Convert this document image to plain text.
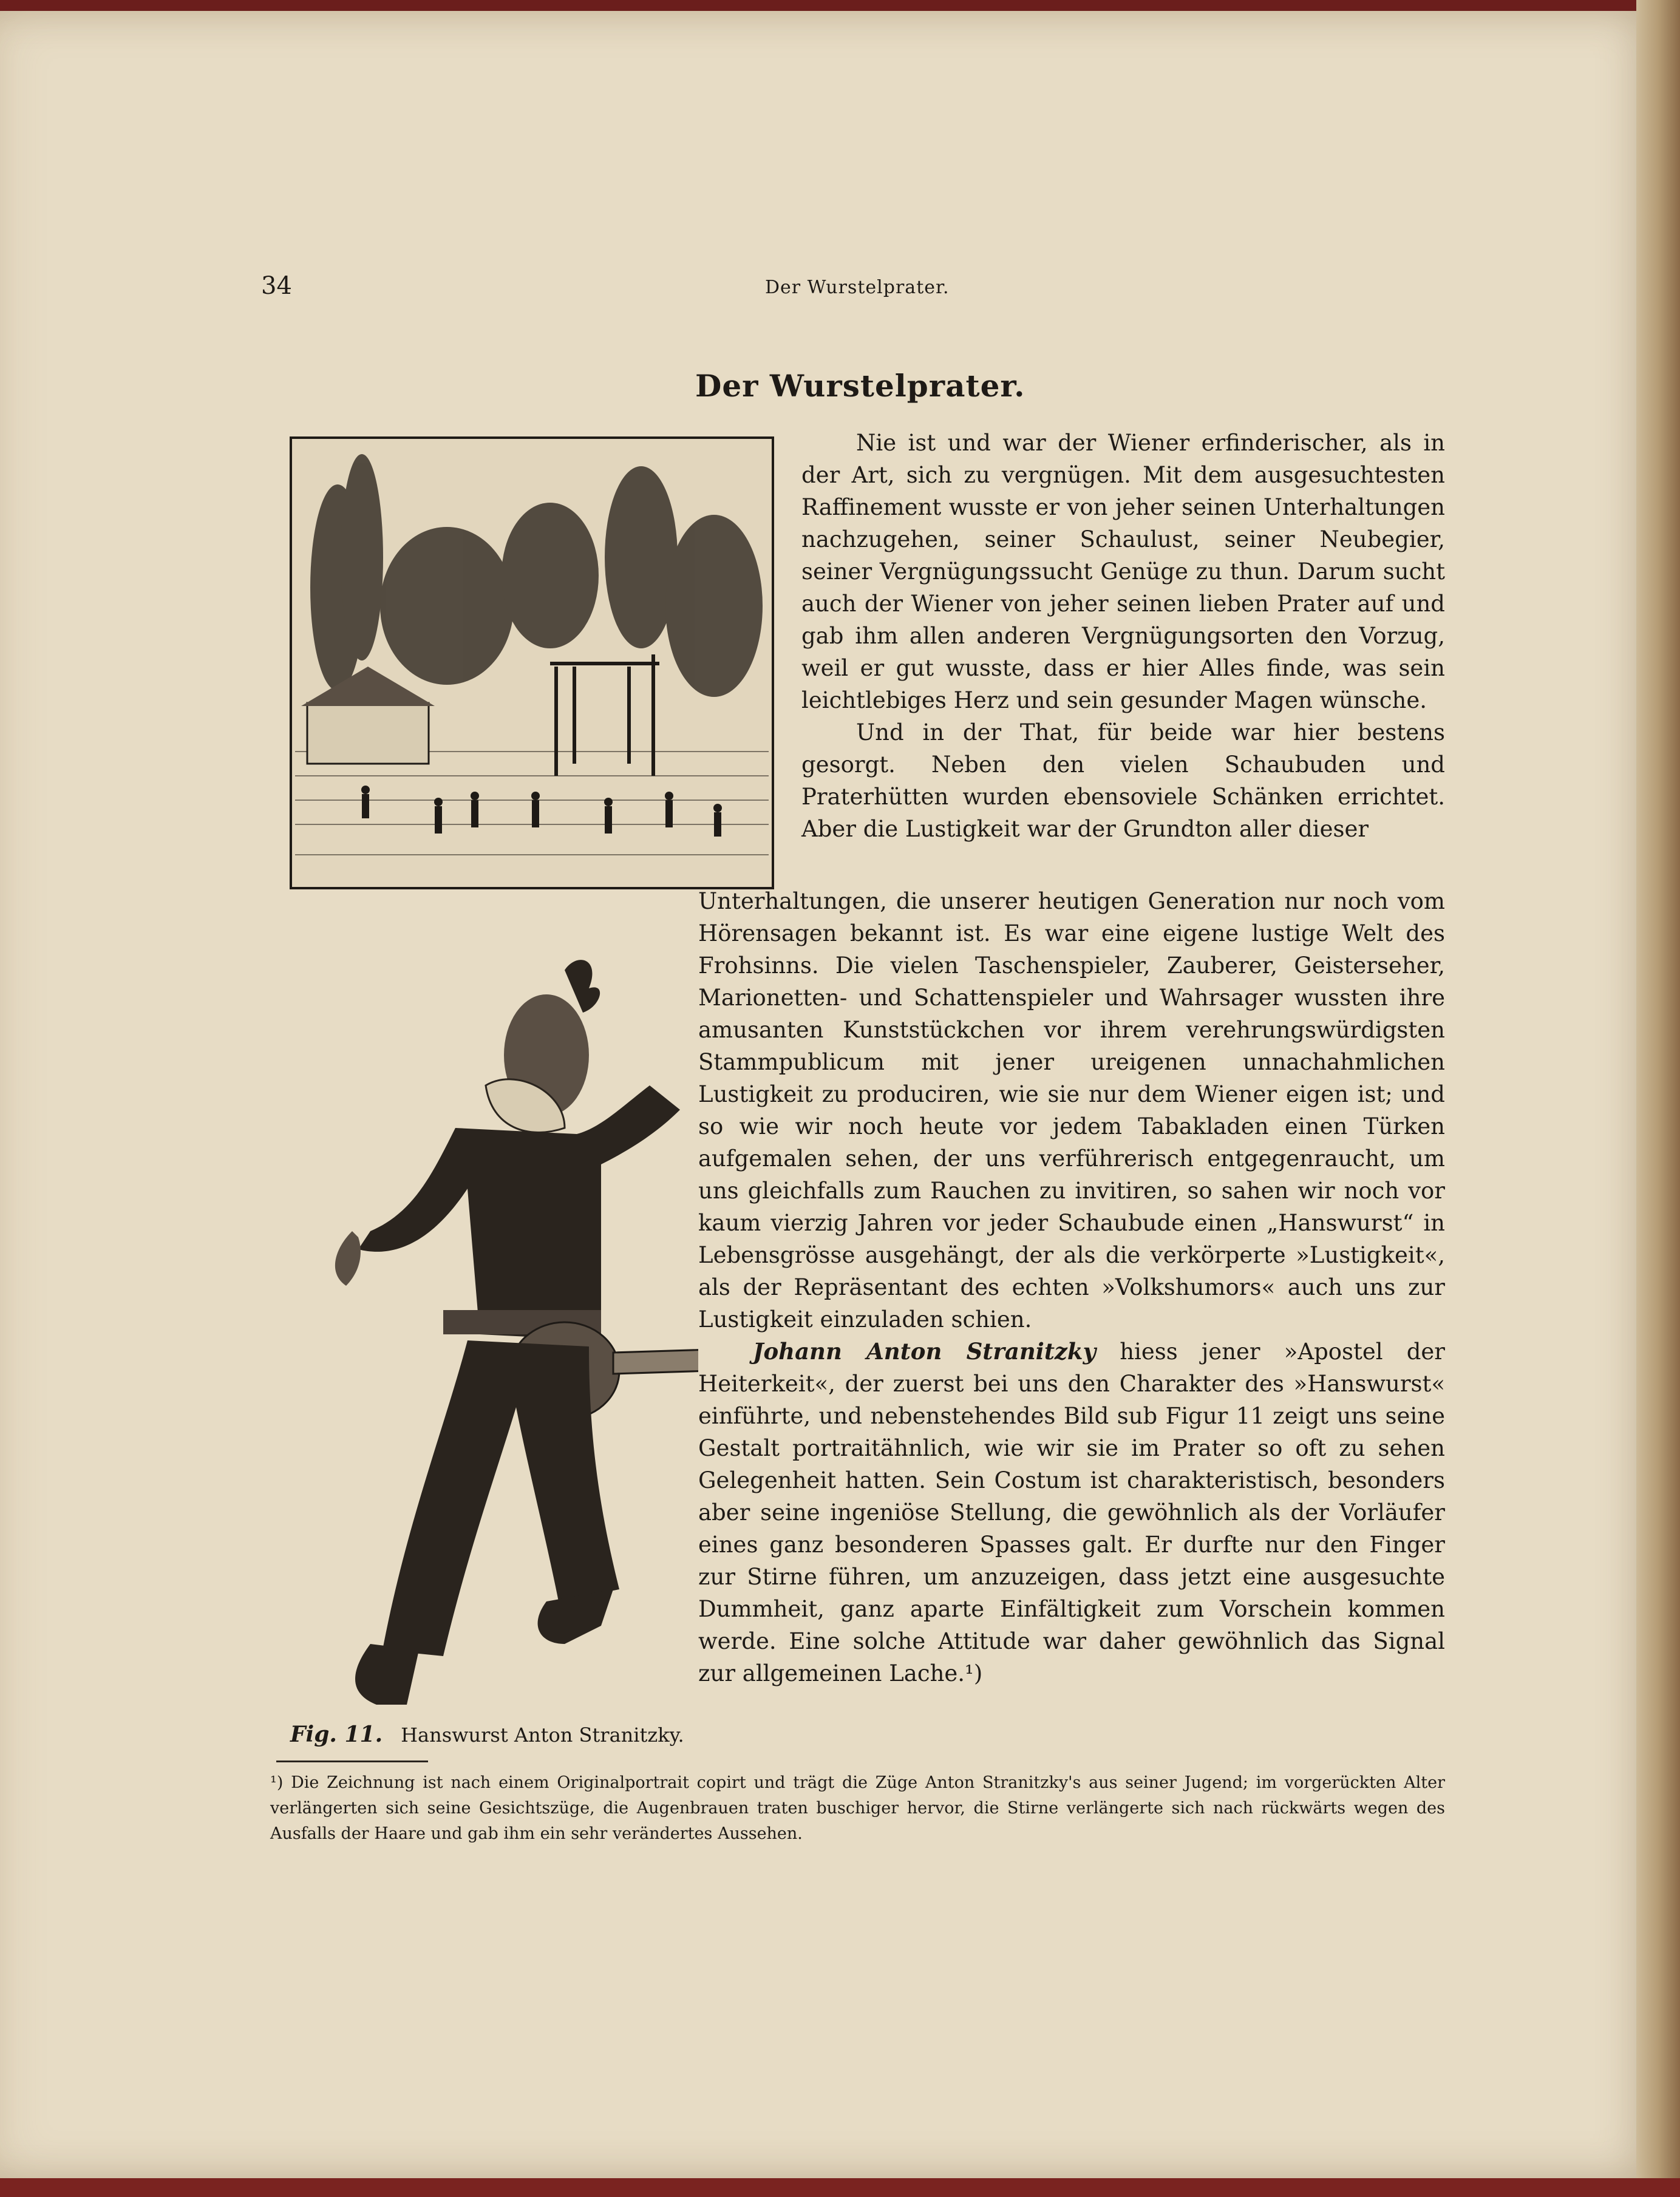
34	Der Wurstelprater.
Der Wurstelprater.
Fig. 11. Hanswurst Anton Stranitzky.

Nie ist und war der Wiener erfinderischer, als in der Art, sich zu vergnügen. Mit dem ausgesuchtesten Raffinement wusste er von jeher seinen Unterhaltungen nachzugehen, seiner Schaulust, seiner Neubegier, seiner Vergnügungssucht Genüge zu thun. Darum sucht auch der Wiener von jeher seinen lieben Prater auf und gab ihm allen anderen Vergnügungsorten den Vorzug, weil er gut wusste, dass er hier Alles finde, was sein leichtlebiges Herz und sein gesunder Magen wünsche.

Und in der That, für beide war hier bestens gesorgt. Neben den vielen Schaubuden und Praterhütten wurden ebensoviele Schänken errichtet. Aber die Lustigkeit war der Grundton aller dieser

Unterhaltungen, die unserer heutigen Generation nur noch vom Hörensagen bekannt ist. Es war eine eigene lustige Welt des Frohsinns. Die vielen Taschenspieler, Zauberer, Geisterseher, Marionetten- und Schattenspieler und Wahrsager wussten ihre amusanten Kunststückchen vor ihrem verehrungswürdigsten Stammpublicum mit jener ureigenen unnachahmlichen Lustigkeit zu produciren, wie sie nur dem Wiener eigen ist; und so wie wir noch heute vor jedem Tabakladen einen Türken aufgemalen sehen, der uns verführerisch entgegenraucht, um uns gleichfalls zum Rauchen zu invitiren, so sahen wir noch vor kaum vierzig Jahren vor jeder Schaubude einen „Hanswurst“ in Lebensgrösse ausgehängt, der als die verkörperte »Lustigkeit«, als der Repräsentant des echten »Volkshumors« auch uns zur Lustigkeit einzuladen schien.

Johann Anton Stranitzky hiess jener »Apostel der Heiterkeit«, der zuerst bei uns den Charakter des »Hanswurst« einführte, und nebenstehendes Bild sub Figur 11 zeigt uns seine Gestalt portraitähnlich, wie wir sie im Prater so oft zu sehen Gelegenheit hatten. Sein Costum ist charakteristisch, besonders aber seine ingeniöse Stellung, die gewöhnlich als der Vorläufer eines ganz besonderen Spasses galt. Er durfte nur den Finger zur Stirne führen, um anzuzeigen, dass jetzt eine ausgesuchte Dummheit, ganz aparte Einfältigkeit zum Vorschein kommen werde. Eine solche Attitude war daher gewöhnlich das Signal zur allgemeinen Lache.¹)

¹) Die Zeichnung ist nach einem Originalportrait copirt und trägt die Züge Anton Stranitzky's aus seiner Jugend; im vorgerückten Alter verlängerten sich seine Gesichtszüge, die Augenbrauen traten buschiger hervor, die Stirne verlängerte sich nach rückwärts wegen des Ausfalls der Haare und gab ihm ein sehr verändertes Aussehen.
